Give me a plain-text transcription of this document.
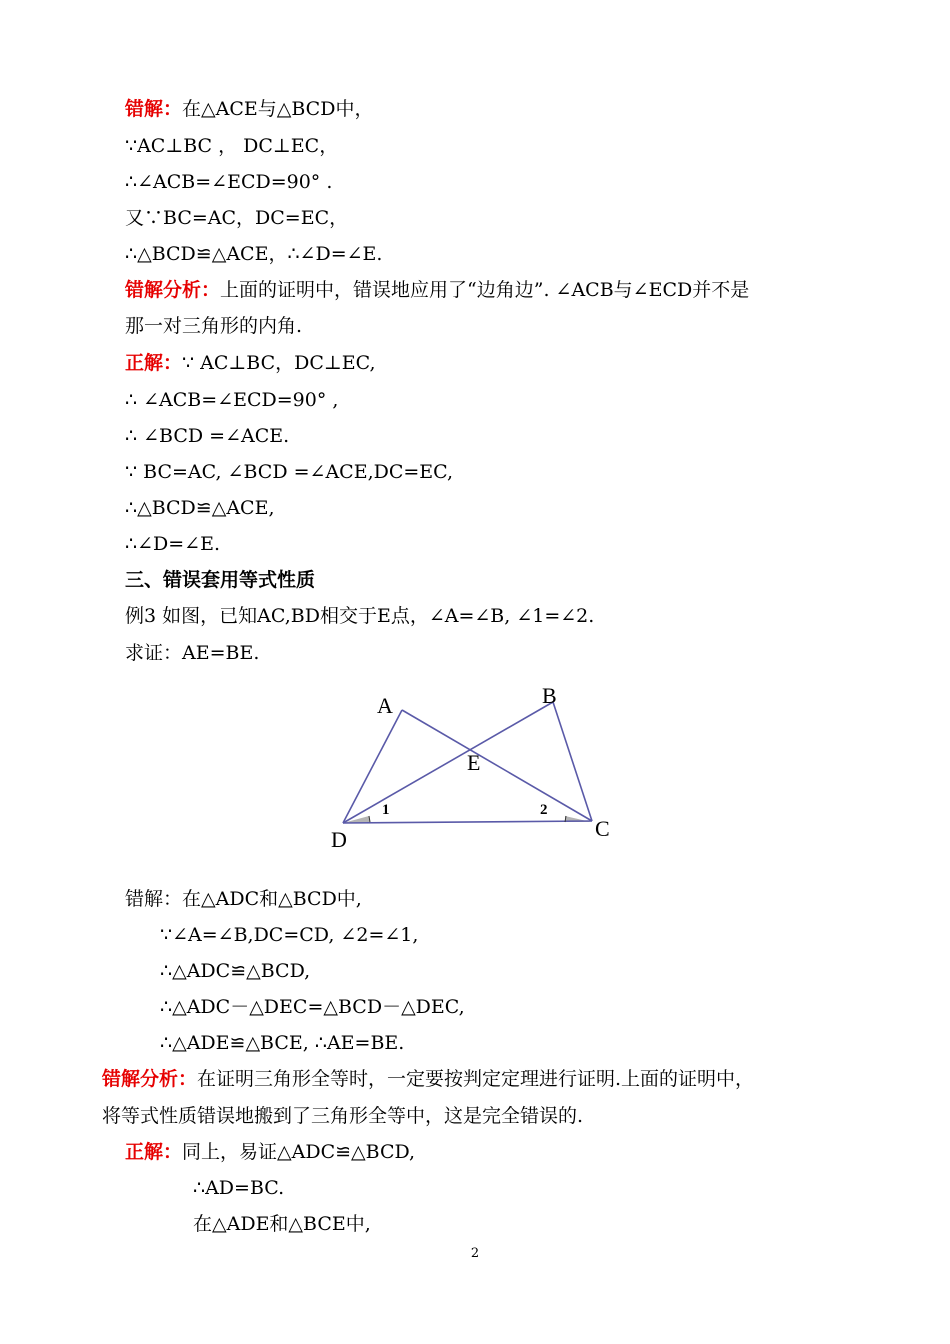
错解：在△ACE与△BCD中，
∵AC⊥BC ， DC⊥EC，
∴∠ACB=∠ECD=90° .
又∵BC=AC，DC=EC，
∴△BCD≌△ACE，∴∠D=∠E.
错解分析：上面的证明中，错误地应用了“边角边”. ∠ACB与∠ECD并不是
那一对三角形的内角.
正解：∵ AC⊥BC，DC⊥EC,
∴ ∠ACB=∠ECD=90° ,
∴ ∠BCD =∠ACE.
∵ BC=AC, ∠BCD =∠ACE,DC=EC,
∴△BCD≌△ACE,
∴∠D=∠E.
三、错误套用等式性质
例3 如图，已知AC,BD相交于E点，∠A=∠B, ∠1=∠2.
求证：AE=BE.
A	B
C
D
E
1	2
错解：在△ADC和△BCD中,
∵∠A=∠B,DC=CD, ∠2=∠1,
∴△ADC≌△BCD,
∴△ADC－△DEC=△BCD－△DEC,
∴△ADE≌△BCE, ∴AE=BE.
错解分析：在证明三角形全等时，一定要按判定定理进行证明.上面的证明中，
将等式性质错误地搬到了三角形全等中，这是完全错误的.
正解：同上，易证△ADC≌△BCD,
∴AD=BC.
在△ADE和△BCE中,
2
